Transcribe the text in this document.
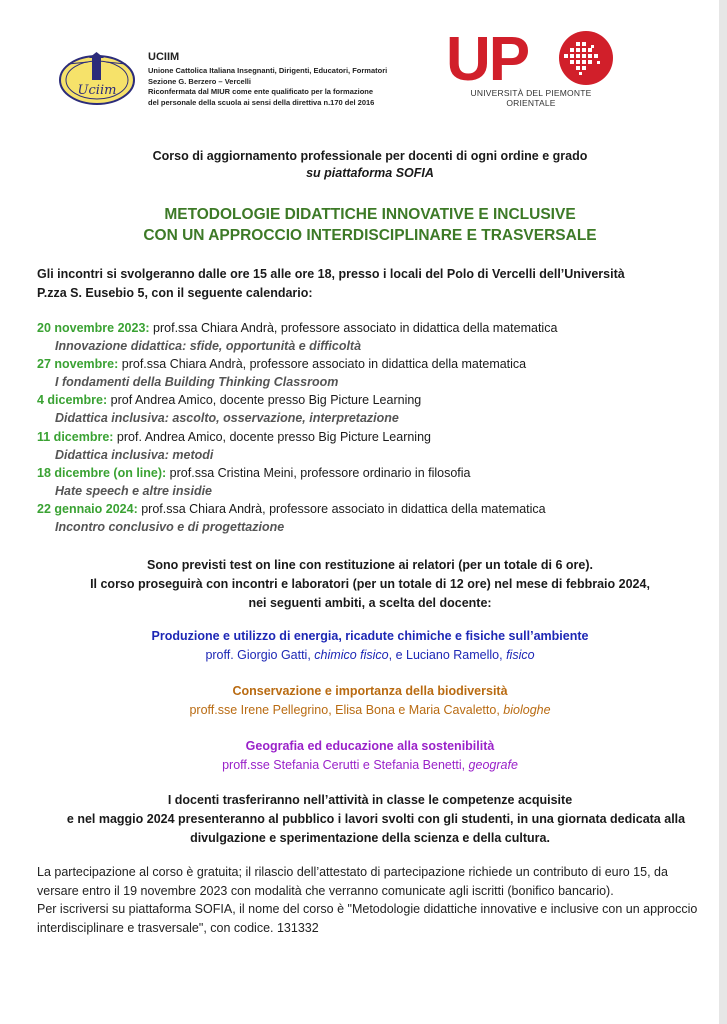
Uciim
UCIIM
Unione Cattolica Italiana Insegnanti, Dirigenti, Educatori, Formatori
Sezione G. Berzero – Vercelli
Riconfermata dal MIUR come ente qualificato per la formazione
del personale della scuola ai sensi della direttiva n.170 del 2016
UP
UNIVERSITÀ DEL PIEMONTE ORIENTALE
Corso di aggiornamento professionale per docenti di ogni ordine e grado
su piattaforma SOFIA
METODOLOGIE DIDATTICHE INNOVATIVE E INCLUSIVE
CON UN APPROCCIO INTERDISCIPLINARE E TRASVERSALE
Gli incontri si svolgeranno dalle ore 15 alle ore 18, presso i locali del Polo di Vercelli dell’Università
P.zza S. Eusebio 5, con il seguente calendario:
20 novembre 2023: prof.ssa Chiara Andrà, professore associato in didattica della matematica
Innovazione didattica: sfide, opportunità e difficoltà
27 novembre: prof.ssa Chiara Andrà, professore associato in didattica della matematica
I fondamenti della Building Thinking Classroom
4 dicembre: prof Andrea Amico, docente presso Big Picture Learning
Didattica inclusiva: ascolto, osservazione, interpretazione
11 dicembre: prof. Andrea Amico, docente presso Big Picture Learning
Didattica inclusiva: metodi
18 dicembre (on line): prof.ssa Cristina Meini, professore ordinario in filosofia
Hate speech e altre insidie
22 gennaio 2024: prof.ssa Chiara Andrà, professore associato in didattica della matematica
Incontro conclusivo e di progettazione
Sono previsti test on line con restituzione ai relatori (per un totale di 6 ore).
Il corso proseguirà con incontri e laboratori (per un totale di 12 ore) nel mese di febbraio 2024,
nei seguenti ambiti, a scelta del docente:
Produzione e utilizzo di energia, ricadute chimiche e fisiche sull’ambiente
proff. Giorgio Gatti, chimico fisico, e Luciano Ramello, fisico
Conservazione e importanza della biodiversità
proff.sse Irene Pellegrino, Elisa Bona e Maria Cavaletto, biologhe
Geografia ed educazione alla sostenibilità
proff.sse Stefania Cerutti e Stefania Benetti, geografe
I docenti trasferiranno nell’attività in classe le competenze acquisite
e nel maggio 2024 presenteranno al pubblico i lavori svolti con gli studenti, in una giornata dedicata alla
divulgazione e sperimentazione della scienza e della cultura.
La partecipazione al corso è gratuita; il rilascio dell’attestato di partecipazione richiede un contributo di euro 15, da versare entro il 19 novembre 2023 con modalità che verranno comunicate agli iscritti (bonifico bancario).
Per iscriversi su piattaforma SOFIA, il nome del corso è "Metodologie didattiche innovative e inclusive con un approccio interdisciplinare e trasversale", con codice. 131332
